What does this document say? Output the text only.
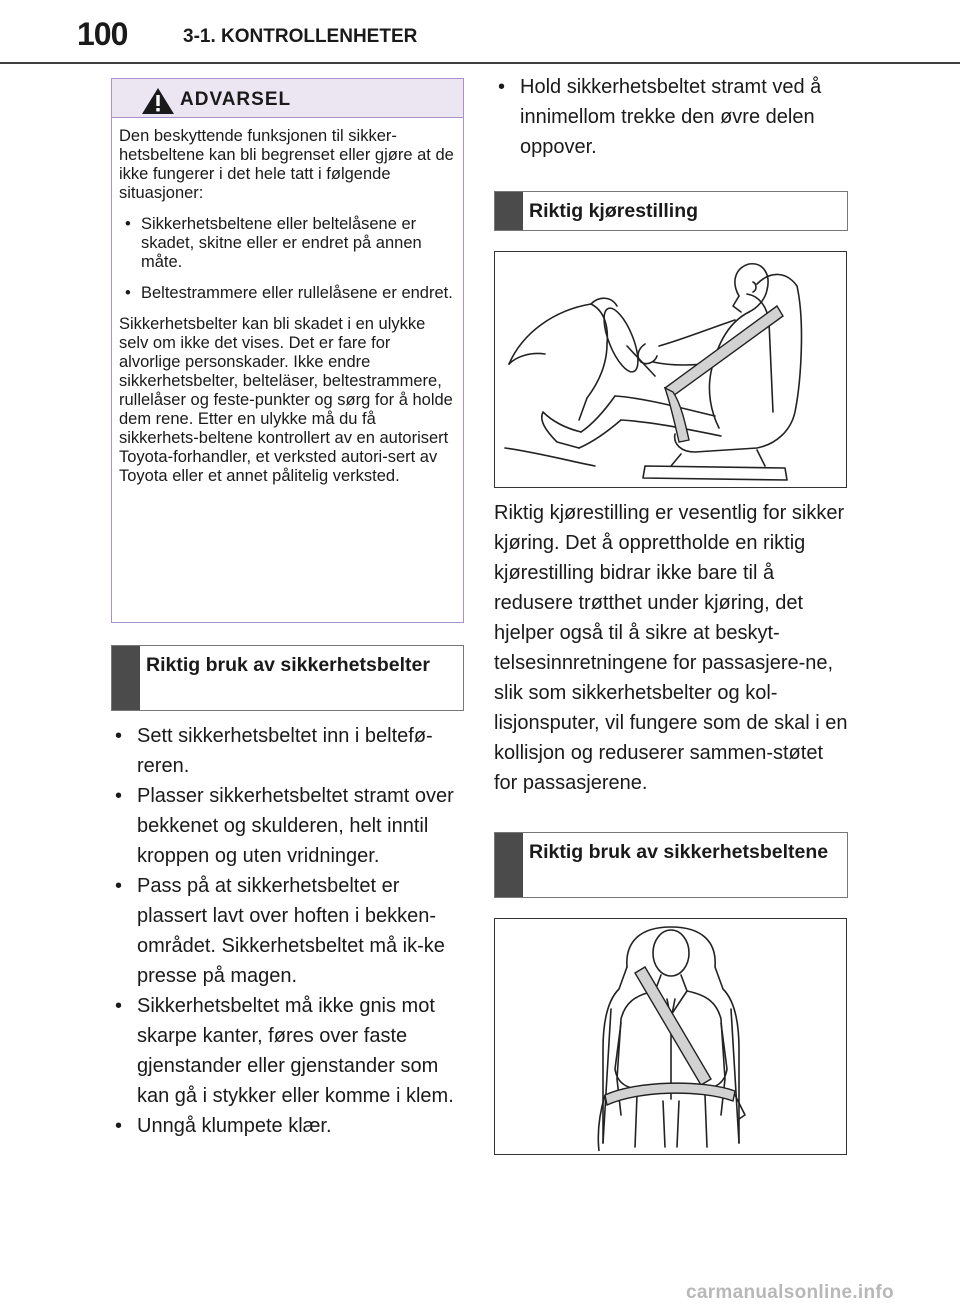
100	3-1. KONTROLLENHETER
ADVARSEL

Den beskyttende funksjonen til sikker-hetsbeltene kan bli begrenset eller gjøre at de ikke fungerer i det hele tatt i følgende situasjoner:

• Sikkerhetsbeltene eller beltelåsene er skadet, skitne eller er endret på annen måte.
• Beltestrammere eller rullelåsene er endret.

Sikkerhetsbelter kan bli skadet i en ulykke selv om ikke det vises. Det er fare for alvorlige personskader. Ikke endre sikkerhetsbelter, belteläser, beltestrammere, rullelåser og feste-punkter og sørg for å holde dem rene. Etter en ulykke må du få sikkerhets-beltene kontrollert av en autorisert Toyota-forhandler, et verksted autori-sert av Toyota eller et annet pålitelig verksted.

Riktig bruk av sikkerhetsbelter
• Sett sikkerhetsbeltet inn i beltefø-reren.
• Plasser sikkerhetsbeltet stramt over bekkenet og skulderen, helt inntil kroppen og uten vridninger.
• Pass på at sikkerhetsbeltet er plassert lavt over hoften i bekken-området. Sikkerhetsbeltet må ik-ke presse på magen.
• Sikkerhetsbeltet må ikke gnis mot skarpe kanter, føres over faste gjenstander eller gjenstander som kan gå i stykker eller komme i klem.
• Unngå klumpete klær.
• Hold sikkerhetsbeltet stramt ved å innimellom trekke den øvre delen oppover.
Riktig kjørestilling

Riktig kjørestilling er vesentlig for sikker kjøring. Det å opprettholde en riktig kjørestilling bidrar ikke bare til å redusere trøtthet under kjøring, det hjelper også til å sikre at beskyt-telsesinnretningene for passasjere-ne, slik som sikkerhetsbelter og kol-lisjonsputer, vil fungere som de skal i en kollisjon og reduserer sammen-støtet for passasjerene.

Riktig bruk av sikkerhetsbeltene
carmanualsonline.info
